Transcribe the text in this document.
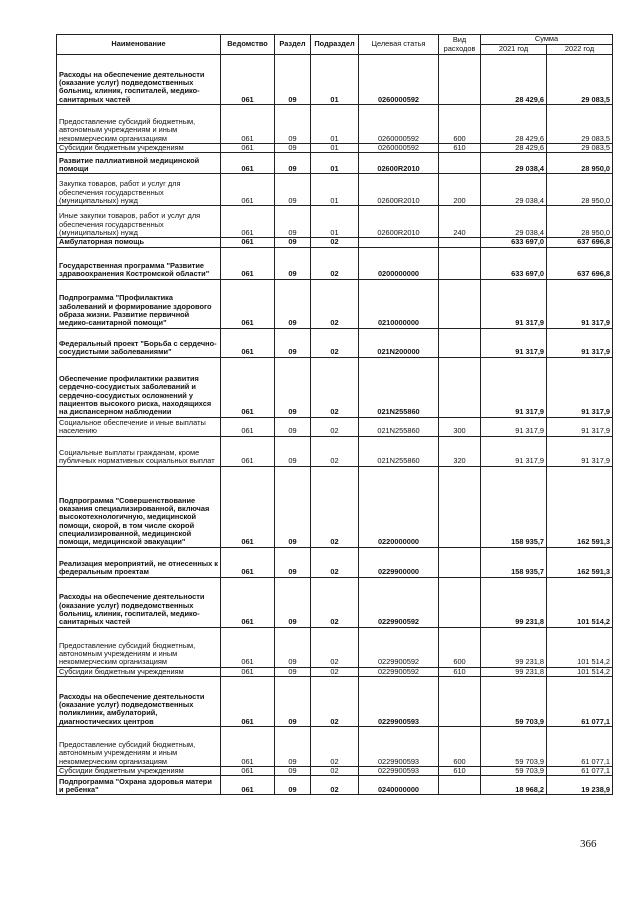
Наименование	Ведомство	Раздел	Подраздел	Целевая статья	Вид расходов	Сумма	
						2021 год	2022 год
Расходы на обеспечение деятельности (оказание услуг) подведомственных больниц, клиник, госпиталей, медико-санитарных частей	061	09	01	0260000592		28 429,6	29 083,5
Предоставление субсидий бюджетным, автономным учреждениям и иным некоммерческим организациям	061	09	01	0260000592	600	28 429,6	29 083,5
Субсидии бюджетным учреждениям	061	09	01	0260000592	610	28 429,6	29 083,5
Развитие паллиативной медицинской помощи	061	09	01	02600R2010		29 038,4	28 950,0
Закупка товаров, работ и услуг для обеспечения государственных (муниципальных) нужд	061	09	01	02600R2010	200	29 038,4	28 950,0
Иные закупки товаров, работ и услуг для обеспечения государственных (муниципальных) нужд	061	09	01	02600R2010	240	29 038,4	28 950,0
Амбулаторная помощь	061	09	02			633 697,0	637 696,8
Государственная программа "Развитие здравоохранения Костромской области"	061	09	02	0200000000		633 697,0	637 696,8
Подпрограмма "Профилактика заболеваний и формирование здорового образа жизни. Развитие первичной медико-санитарной помощи"	061	09	02	0210000000		91 317,9	91 317,9
Федеральный проект "Борьба с сердечно-сосудистыми заболеваниями"	061	09	02	021N200000		91 317,9	91 317,9
Обеспечение профилактики развития сердечно-сосудистых заболеваний и сердечно-сосудистых осложнений у пациентов высокого риска, находящихся на диспансерном наблюдении	061	09	02	021N255860		91 317,9	91 317,9
Социальное обеспечение и иные выплаты населению	061	09	02	021N255860	300	91 317,9	91 317,9
Социальные выплаты гражданам, кроме публичных нормативных социальных выплат	061	09	02	021N255860	320	91 317,9	91 317,9
Подпрограмма "Совершенствование оказания специализированной, включая высокотехнологичную, медицинской помощи, скорой, в том числе скорой специализированной, медицинской помощи, медицинской эвакуации"	061	09	02	0220000000		158 935,7	162 591,3
Реализация мероприятий, не отнесенных к федеральным проектам	061	09	02	0229900000		158 935,7	162 591,3
Расходы на обеспечение деятельности (оказание услуг) подведомственных больниц, клиник, госпиталей, медико-санитарных частей	061	09	02	0229900592		99 231,8	101 514,2
Предоставление субсидий бюджетным, автономным учреждениям и иным некоммерческим организациям	061	09	02	0229900592	600	99 231,8	101 514,2
Субсидии бюджетным учреждениям	061	09	02	0229900592	610	99 231,8	101 514,2
Расходы на обеспечение деятельности (оказание услуг) подведомственных поликлиник, амбулаторий, диагностических центров	061	09	02	0229900593		59 703,9	61 077,1
Предоставление субсидий бюджетным, автономным учреждениям и иным некоммерческим организациям	061	09	02	0229900593	600	59 703,9	61 077,1
Субсидии бюджетным учреждениям	061	09	02	0229900593	610	59 703,9	61 077,1
Подпрограмма "Охрана здоровья матери и ребенка"	061	09	02	0240000000		18 968,2	19 238,9
366
